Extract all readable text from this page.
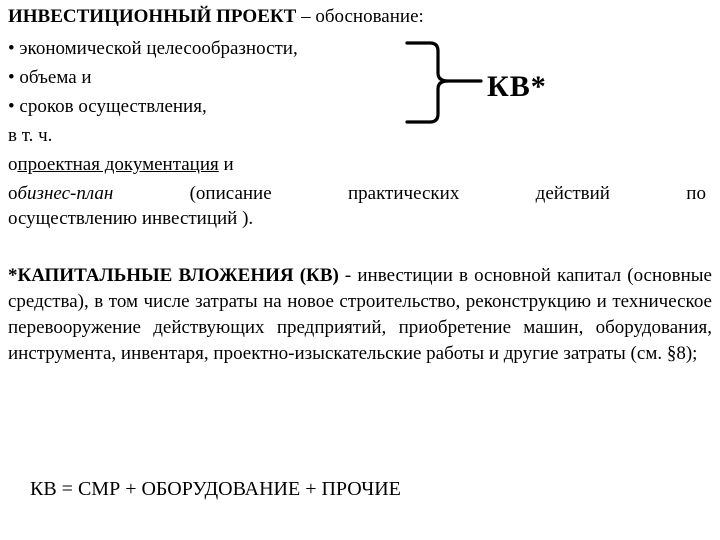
ИНВЕСТИЦИОННЫЙ ПРОЕКТ – обоснование:
• экономической целесообразности,
• объема и
• сроков осуществления,
в т. ч.
oпроектная документация и
oбизнес-план	(описание	практических	действий	по
осуществлению инвестиций ).
КВ*
*КАПИТАЛЬНЫЕ ВЛОЖЕНИЯ (КВ) - инвестиции в основной капитал (основные средства), в том числе затраты на новое строительство, реконструкцию и техническое перевооружение действующих предприятий, приобретение машин, оборудования, инструмента, инвентаря, проектно-изыскательские работы и другие затраты (см. §8);
КВ = СМР + ОБОРУДОВАНИЕ + ПРОЧИЕ
